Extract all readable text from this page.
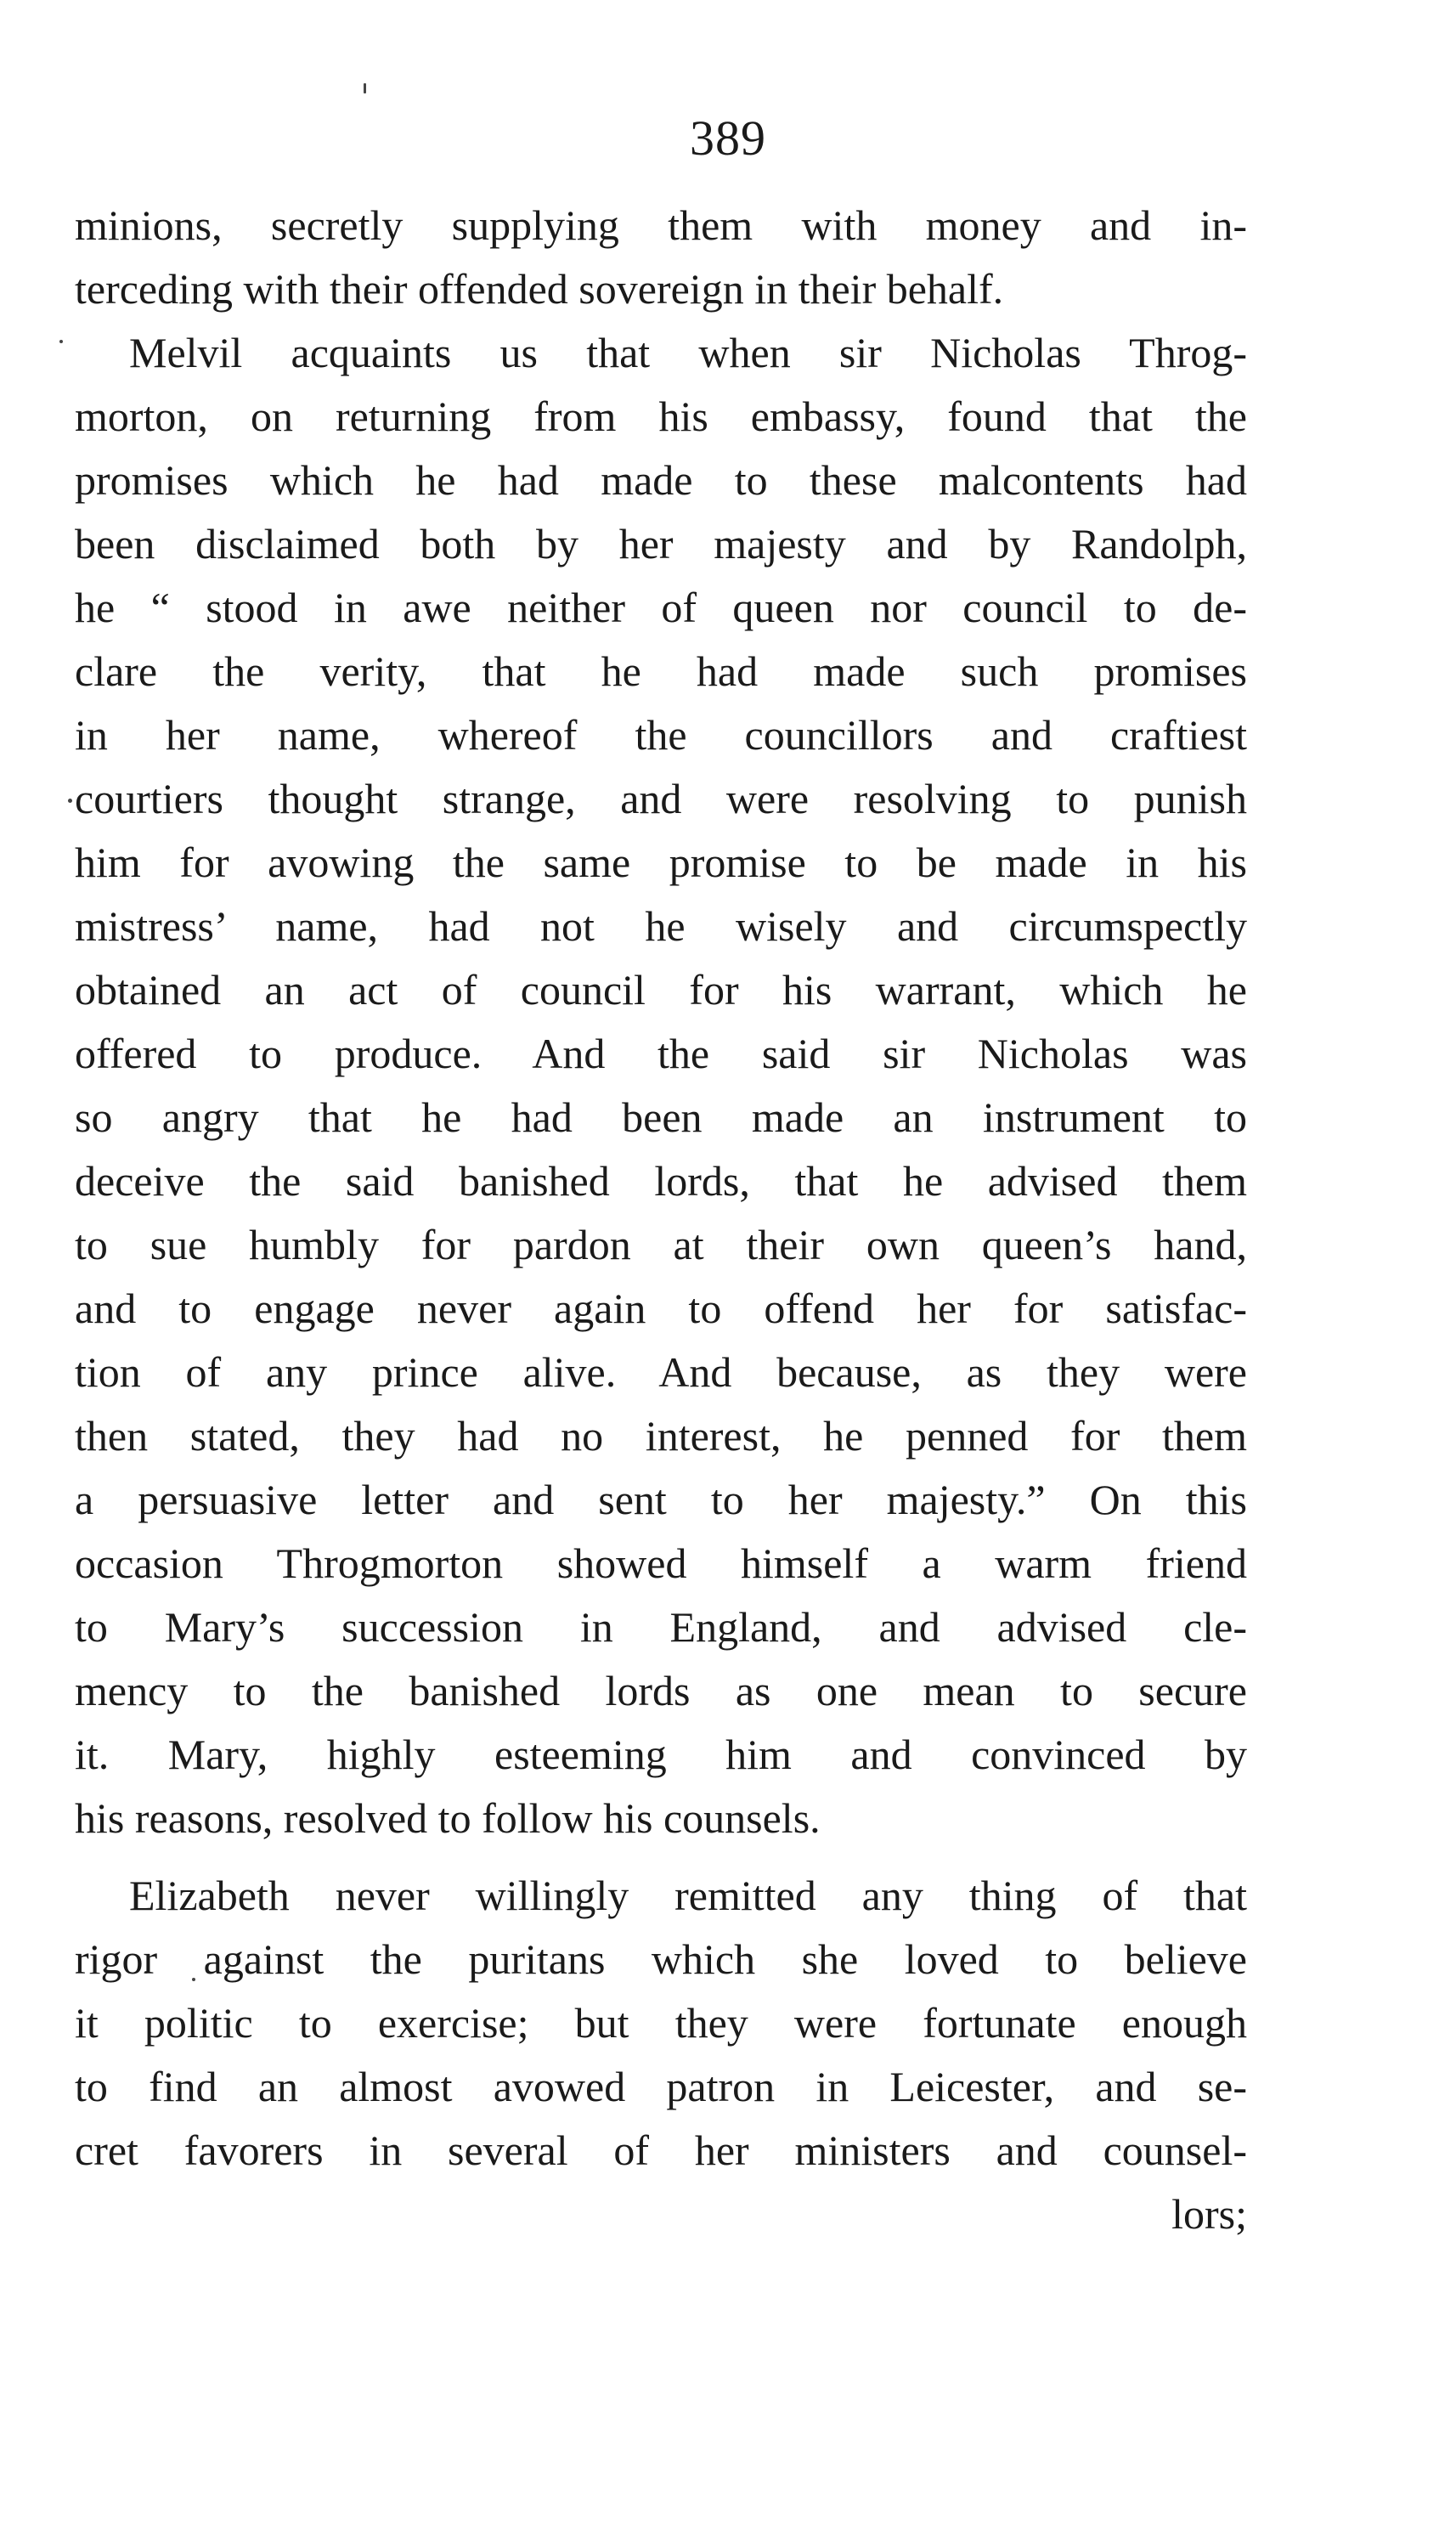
389
minions, secretly supplying them with money and in-
terceding with their offended sovereign in their behalf.
Melvil acquaints us that when sir Nicholas Throg-
morton, on returning from his embassy, found that the
promises which he had made to these malcontents had
been disclaimed both by her majesty and by Randolph,
he “ stood in awe neither of queen nor council to de-
clare the verity, that he had made such promises
in her name, whereof the councillors and craftiest
courtiers thought strange, and were resolving to punish
him for avowing the same promise to be made in his
mistress’ name, had not he wisely and circumspectly
obtained an act of council for his warrant, which he
offered to produce. And the said sir Nicholas was
so angry that he had been made an instrument to
deceive the said banished lords, that he advised them
to sue humbly for pardon at their own queen’s hand,
and to engage never again to offend her for satisfac-
tion of any prince alive. And because, as they were
then stated, they had no interest, he penned for them
a persuasive letter and sent to her majesty.” On this
occasion Throgmorton showed himself a warm friend
to Mary’s succession in England, and advised cle-
mency to the banished lords as one mean to secure
it. Mary, highly esteeming him and convinced by
his reasons, resolved to follow his counsels.
Elizabeth never willingly remitted any thing of that
rigor against the puritans which she loved to believe
it politic to exercise; but they were fortunate enough
to find an almost avowed patron in Leicester, and se-
cret favorers in several of her ministers and counsel-
lors;
